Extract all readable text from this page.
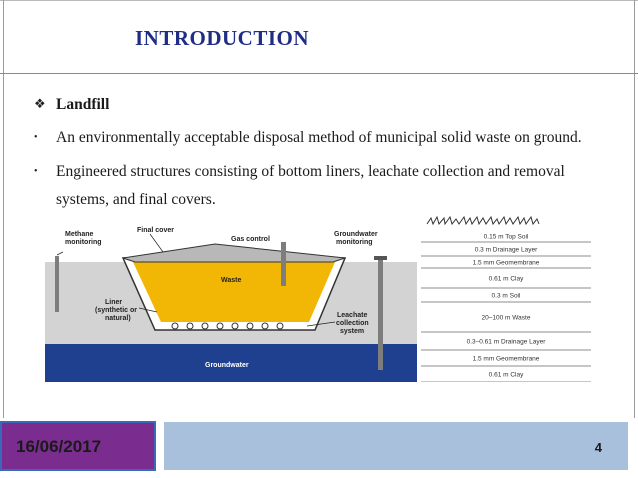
INTRODUCTION
❖ Landfill
•	An environmentally acceptable disposal method of municipal solid waste on ground.
•	Engineered structures consisting of bottom liners, leachate collection and removal
systems, and final covers.
Methane
monitoring
Final cover
Gas control
Groundwater
monitoring
Waste
Liner
(synthetic or
natural)	Leachate
collection
system
Groundwater
0.15 m Top Soil
0.3 m Drainage Layer
1.5 mm Geomembrane
0.61 m Clay
0.3 m Soil
20–100 m Waste
0.3–0.61 m Drainage Layer
1.5 mm Geomembrane
0.61 m Clay
16/06/2017	4
